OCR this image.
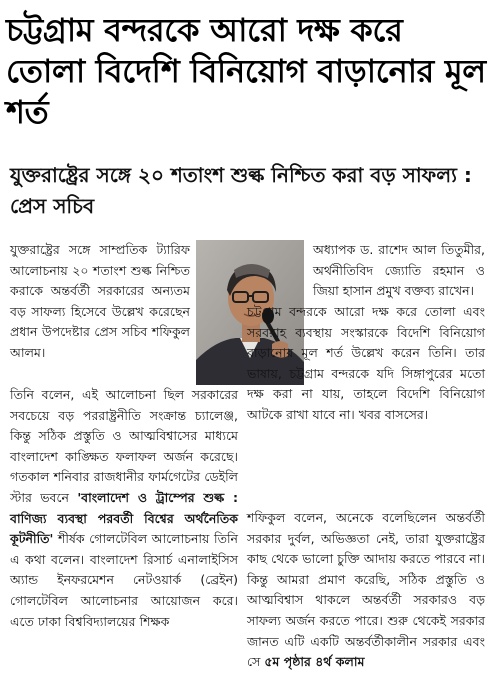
চট্টগ্রাম বন্দরকে আরো দক্ষ করে তোলা বিদেশি বিনিয়োগ বাড়ানোর মূল শর্ত
যুক্তরাষ্ট্রের সঙ্গে ২০ শতাংশ শুল্ক নিশ্চিত করা বড় সাফল্য : প্রেস সচিব

যুক্তরাষ্ট্রের সঙ্গে সাম্প্রতিক ট্যারিফ আলোচনায় ২০ শতাংশ শুল্ক নিশ্চিত করাকে অন্তর্বর্তী সরকারের অন্যতম বড় সাফল্য হিসেবে উল্লেখ করেছেন প্রধান উপদেষ্টার প্রেস সচিব শফিকুল আলম।

অধ্যাপক ড. রাশেদ আল তিতুমীর, অর্থনীতিবিদ জ্যোতি রহমান ও জিয়া হাসান প্রমুখ বক্তব্য রাখেন।

তিনি বলেন, এই আলোচনা ছিল সরকারের সবচেয়ে বড় পররাষ্ট্রনীতি সংক্রান্ত চ্যালেঞ্জ, কিন্তু সঠিক প্রস্তুতি ও আত্মবিশ্বাসের মাধ্যমে বাংলাদেশ কাঙ্ক্ষিত ফলাফল অর্জন করেছে। গতকাল শনিবার রাজধানীর ফার্মগেটের ডেইলি স্টার ভবনে 'বাংলাদেশ ও ট্রাম্পের শুল্ক : বাণিজ্য ব্যবস্থা পরবর্তী বিশ্বের অর্থনৈতিক কূটনীতি' শীর্ষক গোলটেবিল আলোচনায় তিনি এ কথা বলেন। বাংলাদেশ রিসার্চ এনালাইসিস অ্যান্ড ইনফরমেশন নেটওয়ার্ক (ব্রেইন) গোলটেবিল আলোচনার আয়োজন করে। এতে ঢাকা বিশ্ববিদ্যালয়ের শিক্ষক

চট্টগ্রাম বন্দরকে আরো দক্ষ করে তোলা এবং সরবরাহ ব্যবস্থায় সংস্কারকে বিদেশি বিনিয়োগ বাড়ানোর মূল শর্ত উল্লেখ করেন তিনি। তার ভাষায়, চট্টগ্রাম বন্দরকে যদি সিঙ্গাপুরের মতো দক্ষ করা না যায়, তাহলে বিদেশি বিনিয়োগ আটকে রাখা যাবে না। খবর বাসসের।

শফিকুল বলেন, অনেকে বলেছিলেন অন্তর্বর্তী সরকার দুর্বল, অভিজ্ঞতা নেই, তারা যুক্তরাষ্ট্রের কাছ থেকে ভালো চুক্তি আদায় করতে পারবে না। কিন্তু আমরা প্রমাণ করেছি, সঠিক প্রস্তুতি ও আত্মবিশ্বাস থাকলে অন্তর্বর্তী সরকারও বড় সাফল্য অর্জন করতে পারে। শুরু থেকেই সরকার জানত এটি একটি অন্তর্বর্তীকালীন সরকার এবং সে ৫ম পৃষ্ঠার ৪র্থ কলাম
